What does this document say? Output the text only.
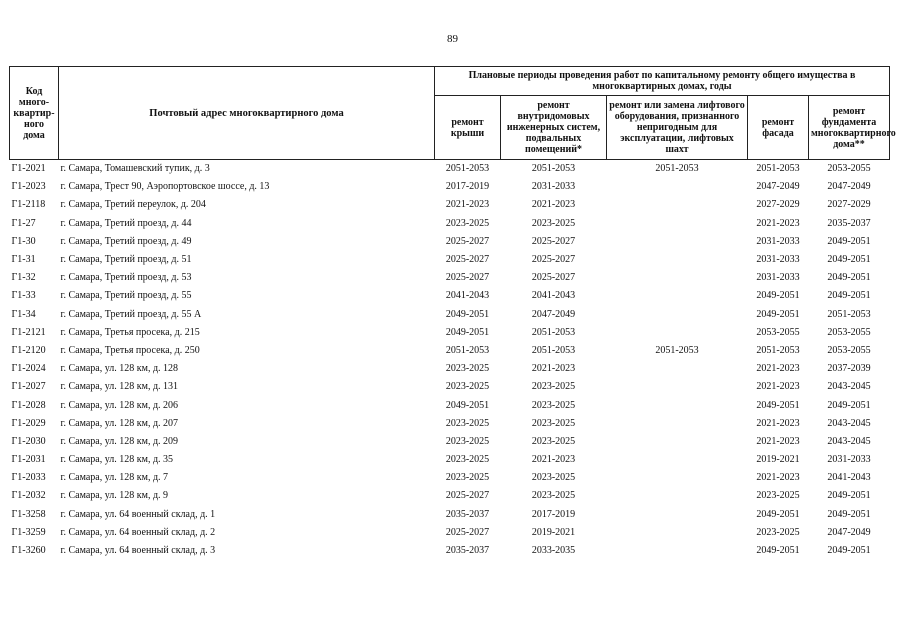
89
Код много-квартир-ного дома	Почтовый адрес многоквартирного дома	Плановые периоды проведения работ по капитальному ремонту общего имущества в многоквартирных домах, годы				
		ремонт крыши	ремонт внутридомовых инженерных систем, подвальных помещений*	ремонт или замена лифтового оборудования, признанного непригодным для эксплуатации, лифтовых шахт	ремонт фасада	ремонт фундамента многоквартирного дома**
Г1-2021	г. Самара, Томашевский тупик, д. 3	2051-2053	2051-2053	2051-2053	2051-2053	2053-2055
Г1-2023	г. Самара, Трест 90, Аэропортовское шоссе, д. 13	2017-2019	2031-2033		2047-2049	2047-2049
Г1-2118	г. Самара, Третий переулок, д. 204	2021-2023	2021-2023		2027-2029	2027-2029
Г1-27	г. Самара, Третий проезд, д. 44	2023-2025	2023-2025		2021-2023	2035-2037
Г1-30	г. Самара, Третий проезд, д. 49	2025-2027	2025-2027		2031-2033	2049-2051
Г1-31	г. Самара, Третий проезд, д. 51	2025-2027	2025-2027		2031-2033	2049-2051
Г1-32	г. Самара, Третий проезд, д. 53	2025-2027	2025-2027		2031-2033	2049-2051
Г1-33	г. Самара, Третий проезд, д. 55	2041-2043	2041-2043		2049-2051	2049-2051
Г1-34	г. Самара, Третий проезд, д. 55 А	2049-2051	2047-2049		2049-2051	2051-2053
Г1-2121	г. Самара, Третья просека, д. 215	2049-2051	2051-2053		2053-2055	2053-2055
Г1-2120	г. Самара, Третья просека, д. 250	2051-2053	2051-2053	2051-2053	2051-2053	2053-2055
Г1-2024	г. Самара, ул. 128 км, д. 128	2023-2025	2021-2023		2021-2023	2037-2039
Г1-2027	г. Самара, ул. 128 км, д. 131	2023-2025	2023-2025		2021-2023	2043-2045
Г1-2028	г. Самара, ул. 128 км, д. 206	2049-2051	2023-2025		2049-2051	2049-2051
Г1-2029	г. Самара, ул. 128 км, д. 207	2023-2025	2023-2025		2021-2023	2043-2045
Г1-2030	г. Самара, ул. 128 км, д. 209	2023-2025	2023-2025		2021-2023	2043-2045
Г1-2031	г. Самара, ул. 128 км, д. 35	2023-2025	2021-2023		2019-2021	2031-2033
Г1-2033	г. Самара, ул. 128 км, д. 7	2023-2025	2023-2025		2021-2023	2041-2043
Г1-2032	г. Самара, ул. 128 км, д. 9	2025-2027	2023-2025		2023-2025	2049-2051
Г1-3258	г. Самара, ул. 64 военный склад, д. 1	2035-2037	2017-2019		2049-2051	2049-2051
Г1-3259	г. Самара, ул. 64 военный склад, д. 2	2025-2027	2019-2021		2023-2025	2047-2049
Г1-3260	г. Самара, ул. 64 военный склад, д. 3	2035-2037	2033-2035		2049-2051	2049-2051
